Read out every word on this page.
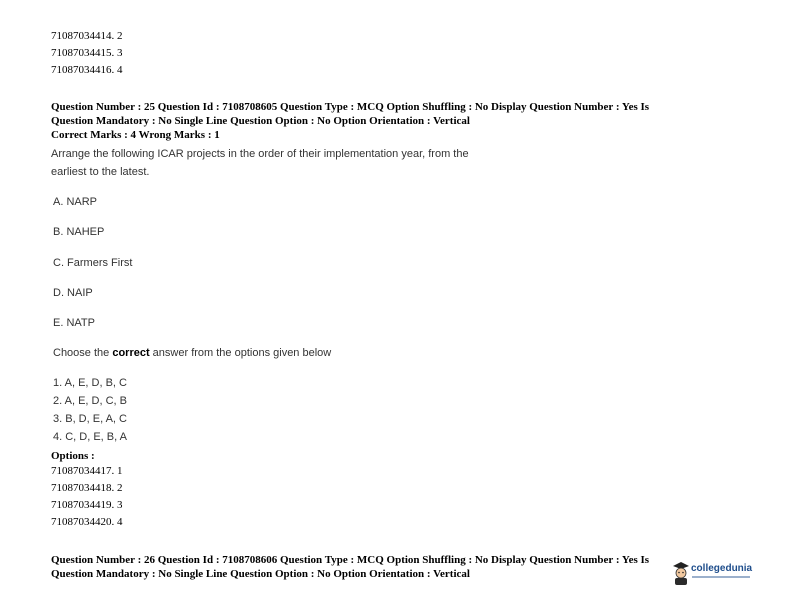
71087034414. 2
71087034415. 3
71087034416. 4
Question Number : 25 Question Id : 7108708605 Question Type : MCQ Option Shuffling : No Display Question Number : Yes Is
Question Mandatory : No Single Line Question Option : No Option Orientation : Vertical
Correct Marks : 4 Wrong Marks : 1
Arrange the following ICAR projects in the order of their implementation year, from the
earliest to the latest.
A. NARP
B. NAHEP
C. Farmers First
D. NAIP
E. NATP
Choose the correct answer from the options given below
1. A, E, D, B, C
2. A, E, D, C, B
3. B, D, E, A, C
4. C, D, E, B, A
Options :
71087034417. 1
71087034418. 2
71087034419. 3
71087034420. 4
Question Number : 26 Question Id : 7108708606 Question Type : MCQ Option Shuffling : No Display Question Number : Yes Is
Question Mandatory : No Single Line Question Option : No Option Orientation : Vertical	collegedunia
